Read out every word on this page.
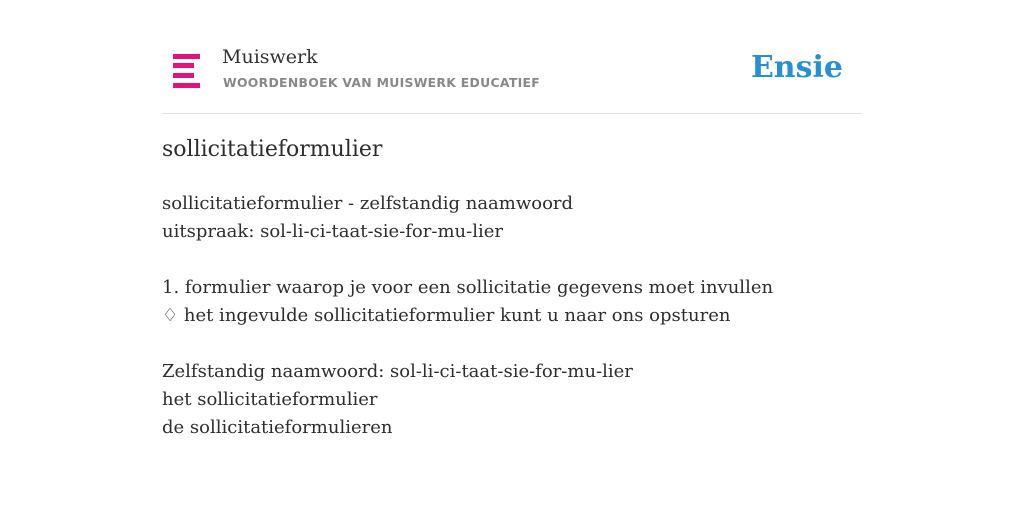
Muiswerk
WOORDENBOEK VAN MUISWERK EDUCATIEF	Ensie
sollicitatieformulier
sollicitatieformulier - zelfstandig naamwoord
uitspraak: sol-li-ci-taat-sie-for-mu-lier
1. formulier waarop je voor een sollicitatie gegevens moet invullen
♢ het ingevulde sollicitatieformulier kunt u naar ons opsturen
Zelfstandig naamwoord: sol-li-ci-taat-sie-for-mu-lier
het sollicitatieformulier
de sollicitatieformulieren
